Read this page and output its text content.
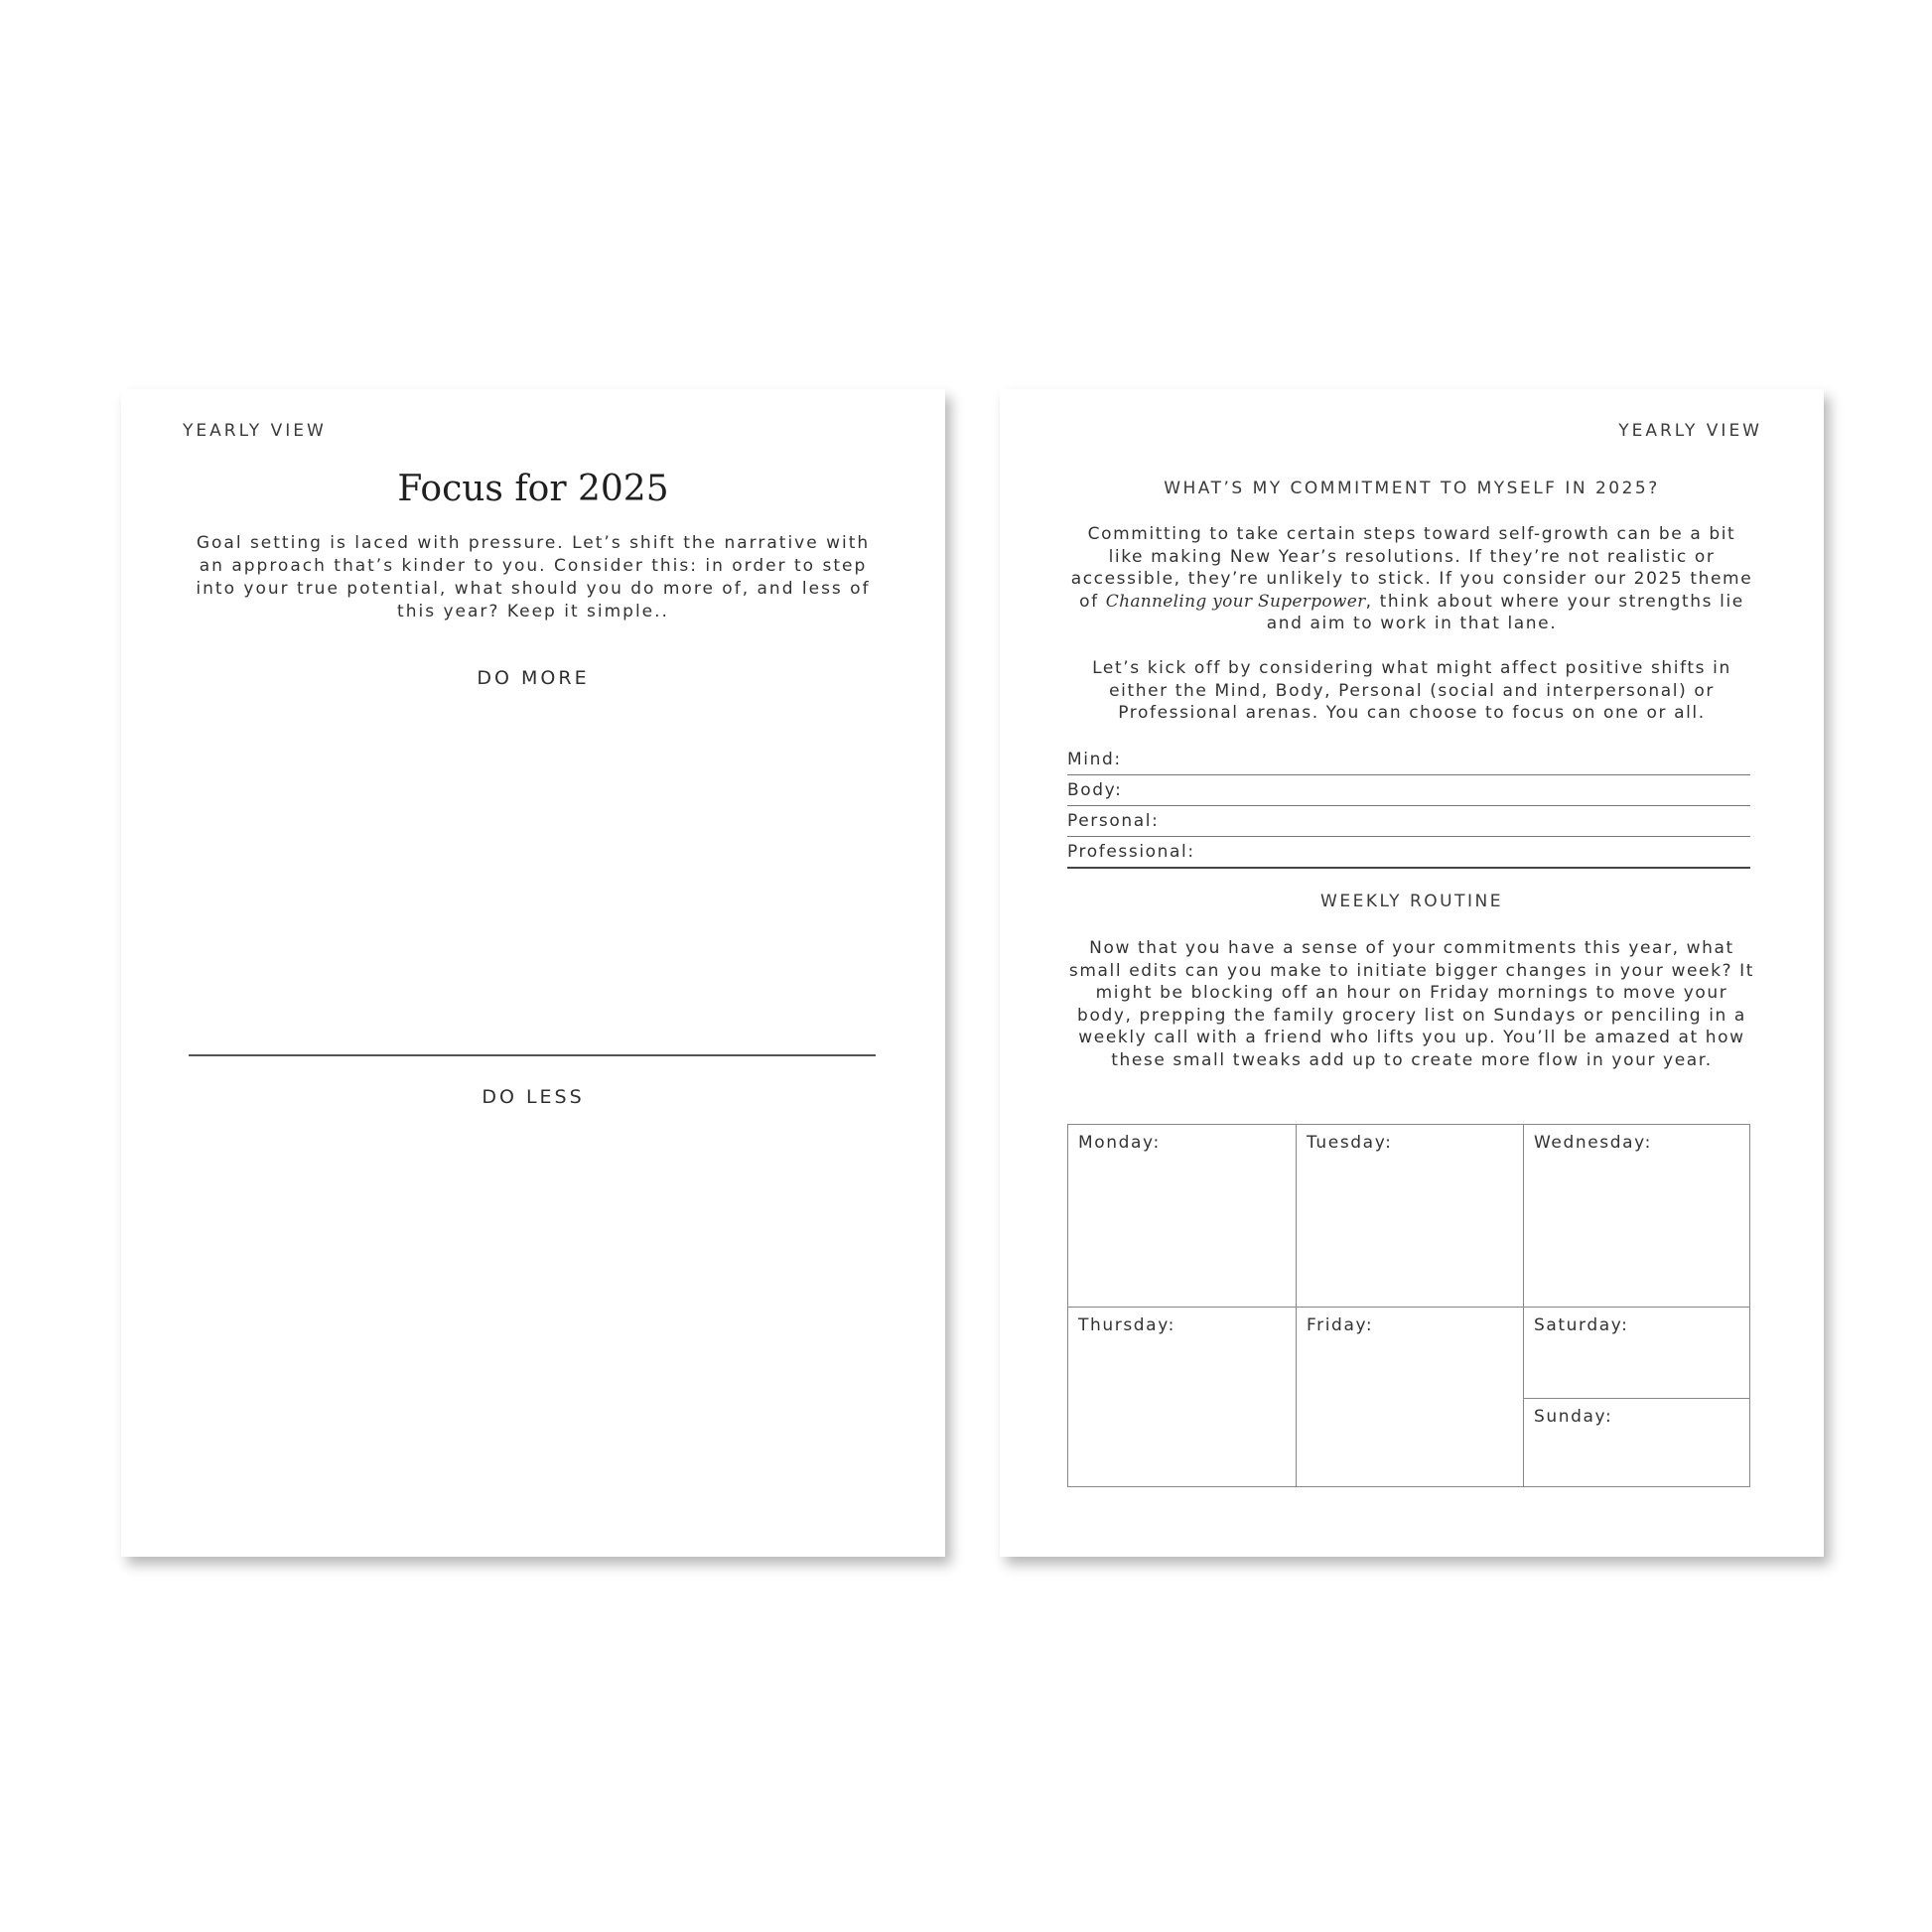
YEARLY VIEW
Focus for 2025
Goal setting is laced with pressure. Let’s shift the narrative with an approach that’s kinder to you. Consider this: in order to step into your true potential, what should you do more of, and less of this year? Keep it simple..
DO MORE
DO LESS
YEARLY VIEW
WHAT’S MY COMMITMENT TO MYSELF IN 2025?
Committing to take certain steps toward self-growth can be a bit like making New Year’s resolutions. If they’re not realistic or accessible, they’re unlikely to stick. If you consider our 2025 theme of Channeling your Superpower, think about where your strengths lie and aim to work in that lane.
Let’s kick off by considering what might affect positive shifts in either the Mind, Body, Personal (social and interpersonal) or Professional arenas. You can choose to focus on one or all.
Mind:
Body:
Personal:
Professional:
WEEKLY ROUTINE
Now that you have a sense of your commitments this year, what small edits can you make to initiate bigger changes in your week? It might be blocking off an hour on Friday mornings to move your body, prepping the family grocery list on Sundays or penciling in a weekly call with a friend who lifts you up. You’ll be amazed at how these small tweaks add up to create more flow in your year.
Monday:	Tuesday:	Wednesday:
Thursday:	Friday:	Saturday:
Sunday:
